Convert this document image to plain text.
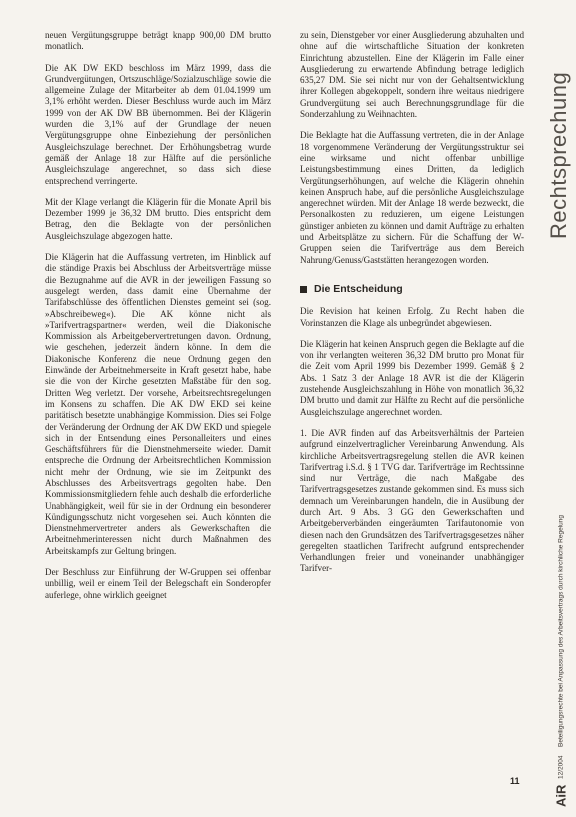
neuen Vergütungsgruppe beträgt knapp 900,00 DM brutto monatlich.

Die AK DW EKD beschloss im März 1999, dass die Grundvergütungen, Ortszuschläge/Sozialzuschläge sowie die allgemeine Zulage der Mitarbeiter ab dem 01.04.1999 um 3,1% erhöht werden. Dieser Beschluss wurde auch im März 1999 von der AK DW BB übernommen. Bei der Klägerin wurden die 3,1% auf der Grundlage der neuen Vergütungsgruppe ohne Einbeziehung der persönlichen Ausgleichszulage berechnet. Der Erhöhungsbetrag wurde gemäß der Anlage 18 zur Hälfte auf die persönliche Ausgleichszulage angerechnet, so dass sich diese entsprechend verringerte.

Mit der Klage verlangt die Klägerin für die Monate April bis Dezember 1999 je 36,32 DM brutto. Dies entspricht dem Betrag, den die Beklagte von der persönlichen Ausgleichszulage abgezogen hatte.

Die Klägerin hat die Auffassung vertreten, im Hinblick auf die ständige Praxis bei Abschluss der Arbeitsverträge müsse die Bezugnahme auf die AVR in der jeweiligen Fassung so ausgelegt werden, dass damit eine Übernahme der Tarifabschlüsse des öffentlichen Dienstes gemeint sei (sog. »Abschreibeweg«). Die AK könne nicht als »Tarifvertragspartner« werden, weil die Diakonische Kommission als Arbeitgebervertretungen davon. Ordnung, wie geschehen, jederzeit ändern könne. In dem die Diakonische Konferenz die neue Ordnung gegen den Einwände der Arbeitnehmerseite in Kraft gesetzt habe, habe sie die von der Kirche gesetzten Maßstäbe für den sog. Dritten Weg verletzt. Der vorsehe, Arbeitsrechtsregelungen im Konsens zu schaffen. Die AK DW EKD sei keine paritätisch besetzte unabhängige Kommission. Dies sei Folge der Veränderung der Ordnung der AK DW EKD und spiegele sich in der Entsendung eines Personalleiters und eines Geschäftsführers für die Dienstnehmerseite wieder. Damit entspreche die Ordnung der Arbeitsrechtlichen Kommission nicht mehr der Ordnung, wie sie im Zeitpunkt des Abschlusses des Arbeitsvertrags gegolten habe. Den Kommissionsmitgliedern fehle auch deshalb die erforderliche Unabhängigkeit, weil für sie in der Ordnung ein besonderer Kündigungsschutz nicht vorgesehen sei. Auch könnten die Dienstnehmervertreter anders als Gewerkschaften die Arbeitnehmerinteressen nicht durch Maßnahmen des Arbeitskampfs zur Geltung bringen.

Der Beschluss zur Einführung der W-Gruppen sei offenbar unbillig, weil er einem Teil der Belegschaft ein Sonderopfer auferlege, ohne wirklich geeignet

zu sein, Dienstgeber vor einer Ausgliederung abzuhalten und ohne auf die wirtschaftliche Situation der konkreten Einrichtung abzustellen. Eine der Klägerin im Falle einer Ausgliederung zu erwartende Abfindung betrage lediglich 635,27 DM. Sie sei nicht nur von der Gehaltsentwicklung ihrer Kollegen abgekoppelt, sondern ihre weitaus niedrigere Grundvergütung sei auch Berechnungsgrundlage für die Sonderzahlung zu Weihnachten.

Die Beklagte hat die Auffassung vertreten, die in der Anlage 18 vorgenommene Veränderung der Vergütungsstruktur sei eine wirksame und nicht offenbar unbillige Leistungsbestimmung eines Dritten, da lediglich Vergütungserhöhungen, auf welche die Klägerin ohnehin keinen Anspruch habe, auf die persönliche Ausgleichszulage angerechnet würden. Mit der Anlage 18 werde bezweckt, die Personalkosten zu reduzieren, um eigene Leistungen günstiger anbieten zu können und damit Aufträge zu erhalten und Arbeitsplätze zu sichern. Für die Schaffung der W-Gruppen seien die Tarifverträge aus dem Bereich Nahrung/Genuss/Gaststätten herangezogen worden.

Die Entscheidung

Die Revision hat keinen Erfolg. Zu Recht haben die Vorinstanzen die Klage als unbegründet abgewiesen.

Die Klägerin hat keinen Anspruch gegen die Beklagte auf die von ihr verlangten weiteren 36,32 DM brutto pro Monat für die Zeit vom April 1999 bis Dezember 1999. Gemäß § 2 Abs. 1 Satz 3 der Anlage 18 AVR ist die der Klägerin zustehende Ausgleichszahlung in Höhe von monatlich 36,32 DM brutto und damit zur Hälfte zu Recht auf die persönliche Ausgleichszulage angerechnet worden.

1. Die AVR finden auf das Arbeitsverhältnis der Parteien aufgrund einzelvertraglicher Vereinbarung Anwendung. Als kirchliche Arbeitsvertragsregelung stellen die AVR keinen Tarifvertrag i.S.d. § 1 TVG dar. Tarifverträge im Rechtssinne sind nur Verträge, die nach Maßgabe des Tarifvertragsgesetzes zustande gekommen sind. Es muss sich demnach um Vereinbarungen handeln, die in Ausübung der durch Art. 9 Abs. 3 GG den Gewerkschaften und Arbeitgeberverbänden eingeräumten Tarifautonomie von diesen nach den Grundsätzen des Tarifvertragsgesetzes näher geregelten staatlichen Tarifrecht aufgrund entsprechender Verhandlungen freier und voneinander unabhängiger Tarifver-

Rechtsprechung
AiR
12/2004
Beteiligungsrechte bei Anpassung des Arbeitsvertrags durch kirchliche Regelung
11
